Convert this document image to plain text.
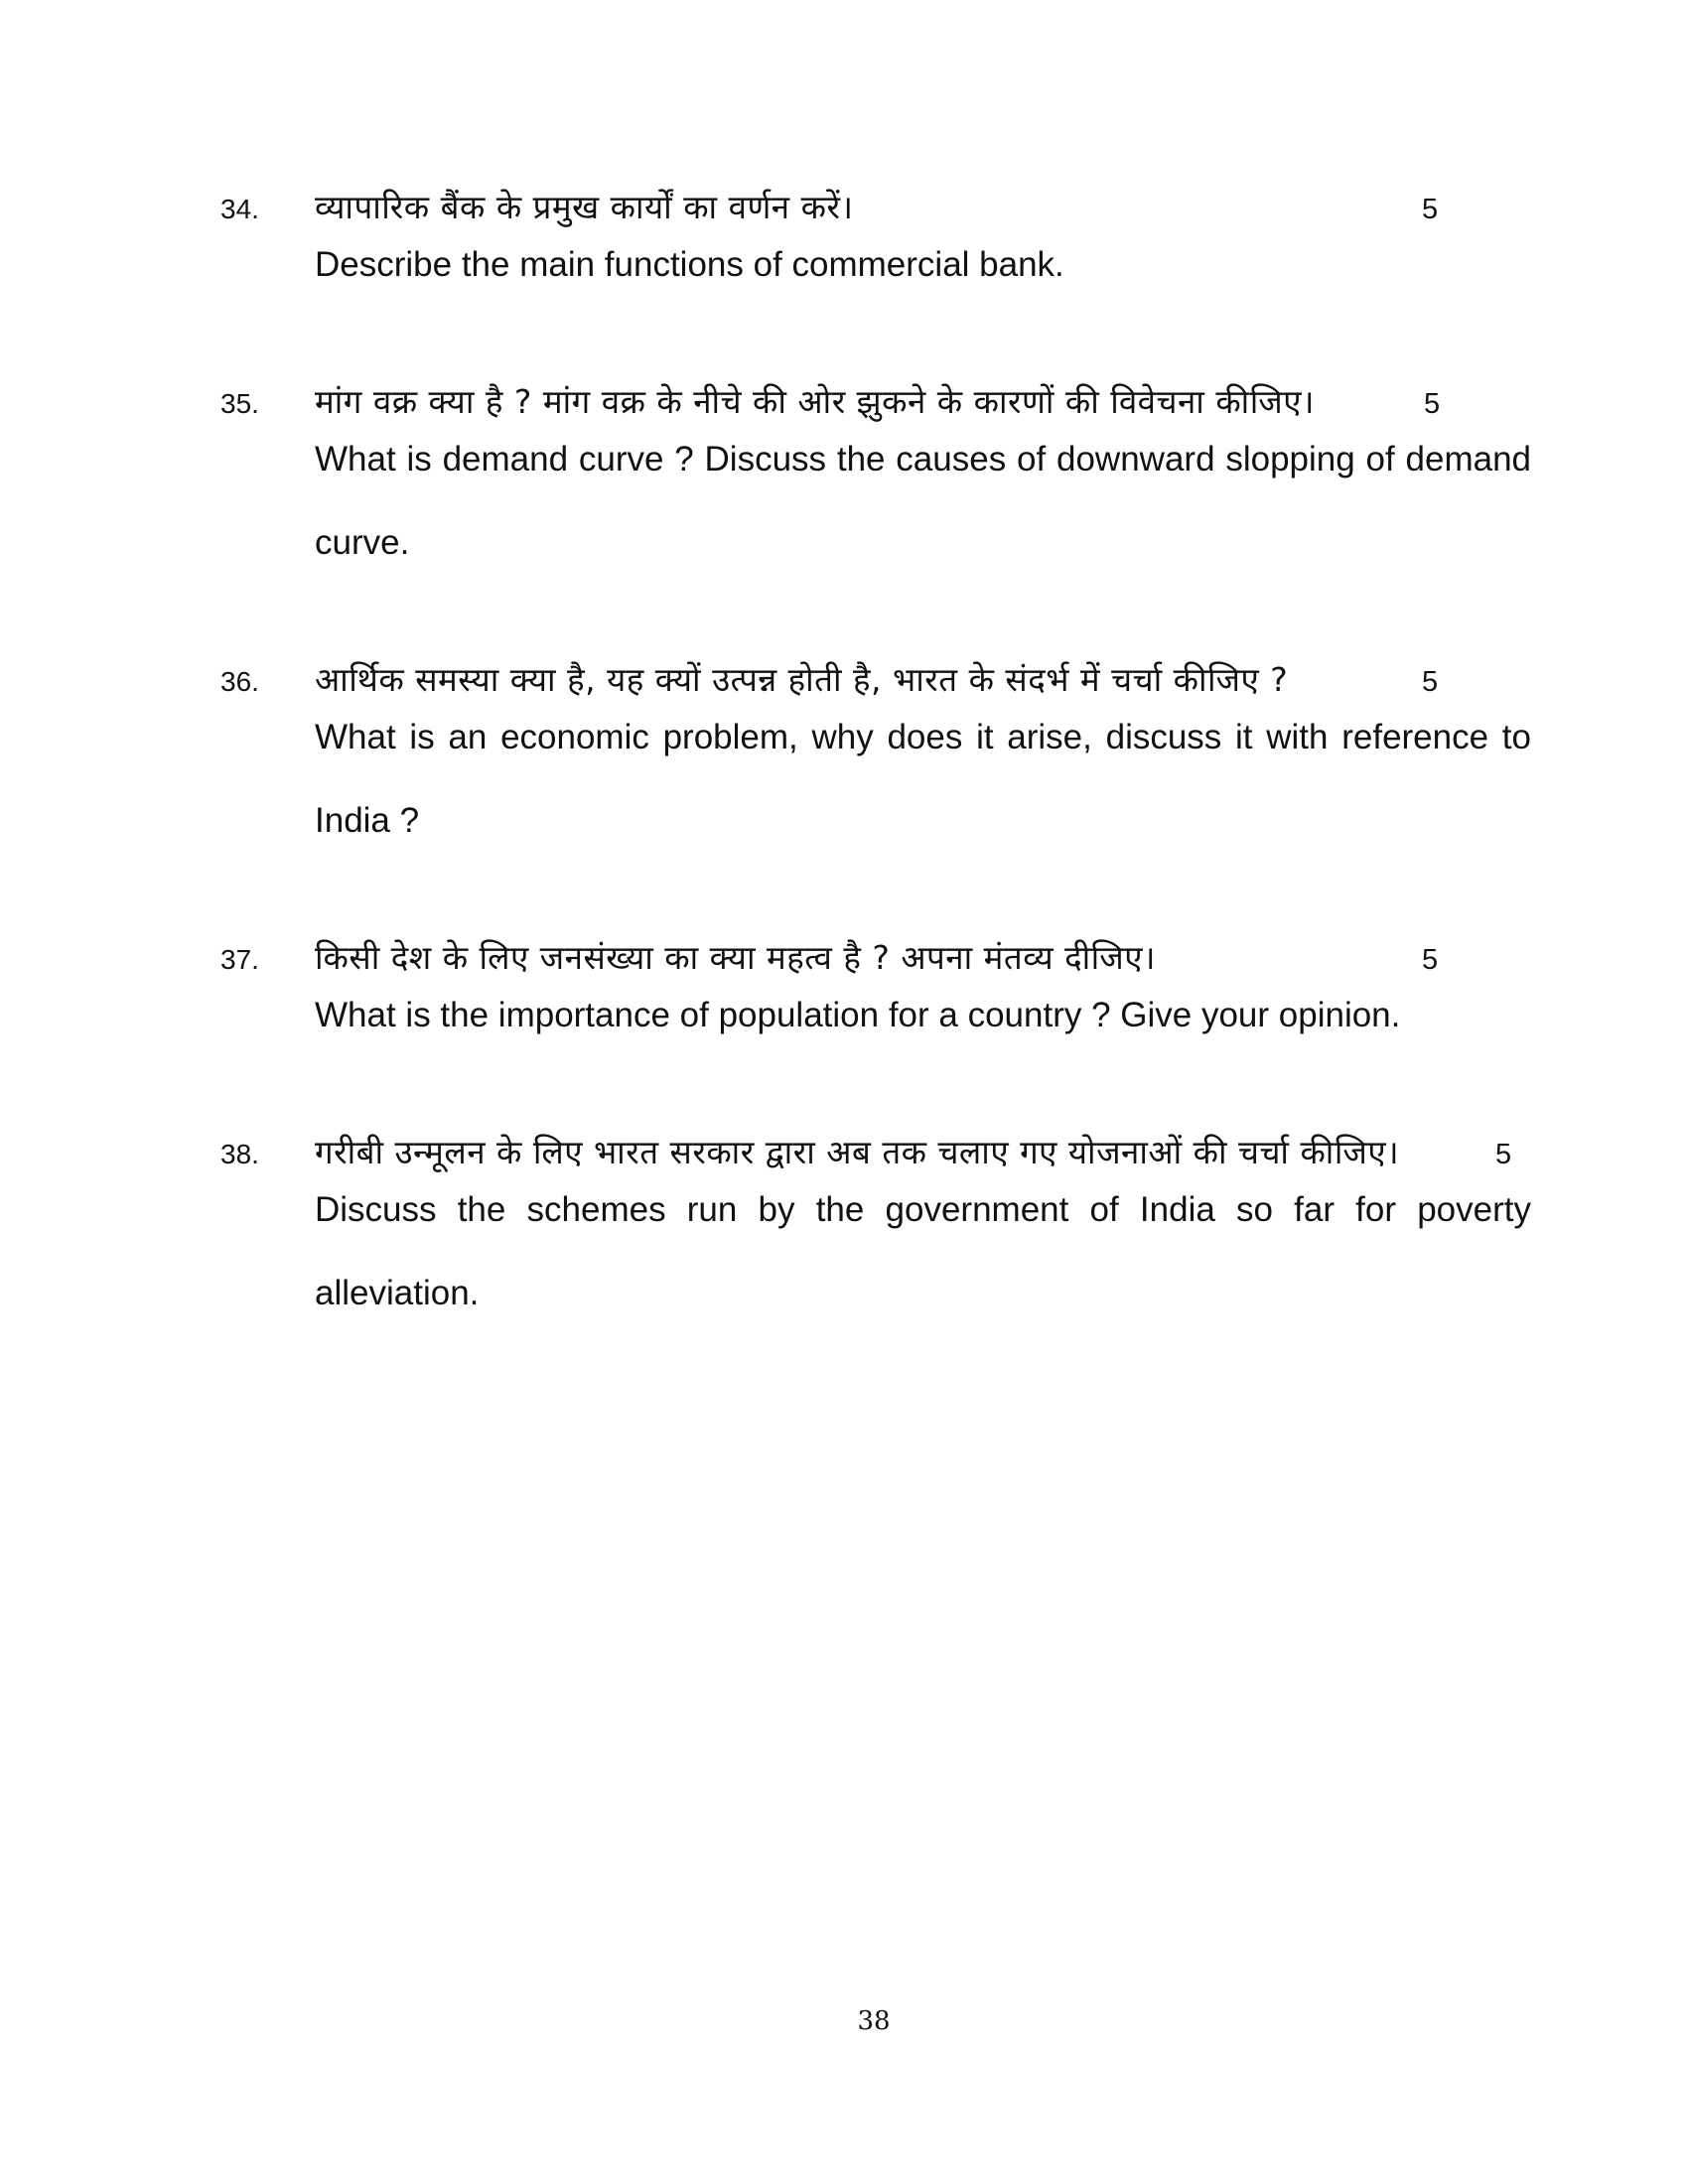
34. व्यापारिक बैंक के प्रमुख कार्यों का वर्णन करें।	5
Describe the main functions of commercial bank.
35. मांग वक्र क्या है ? मांग वक्र के नीचे की ओर झुकने के कारणों की विवेचना कीजिए।	5
What is demand curve ? Discuss the causes of downward slopping of demand curve.
36. आर्थिक समस्या क्या है, यह क्यों उत्पन्न होती है, भारत के संदर्भ में चर्चा कीजिए ?	5
What is an economic problem, why does it arise, discuss it with reference to India ?
37. किसी देश के लिए जनसंख्या का क्या महत्व है ? अपना मंतव्य दीजिए।	5
What is the importance of population for a country ? Give your opinion.
38. गरीबी उन्मूलन के लिए भारत सरकार द्वारा अब तक चलाए गए योजनाओं की चर्चा कीजिए।	5
Discuss the schemes run by the government of India so far for poverty alleviation.
38
